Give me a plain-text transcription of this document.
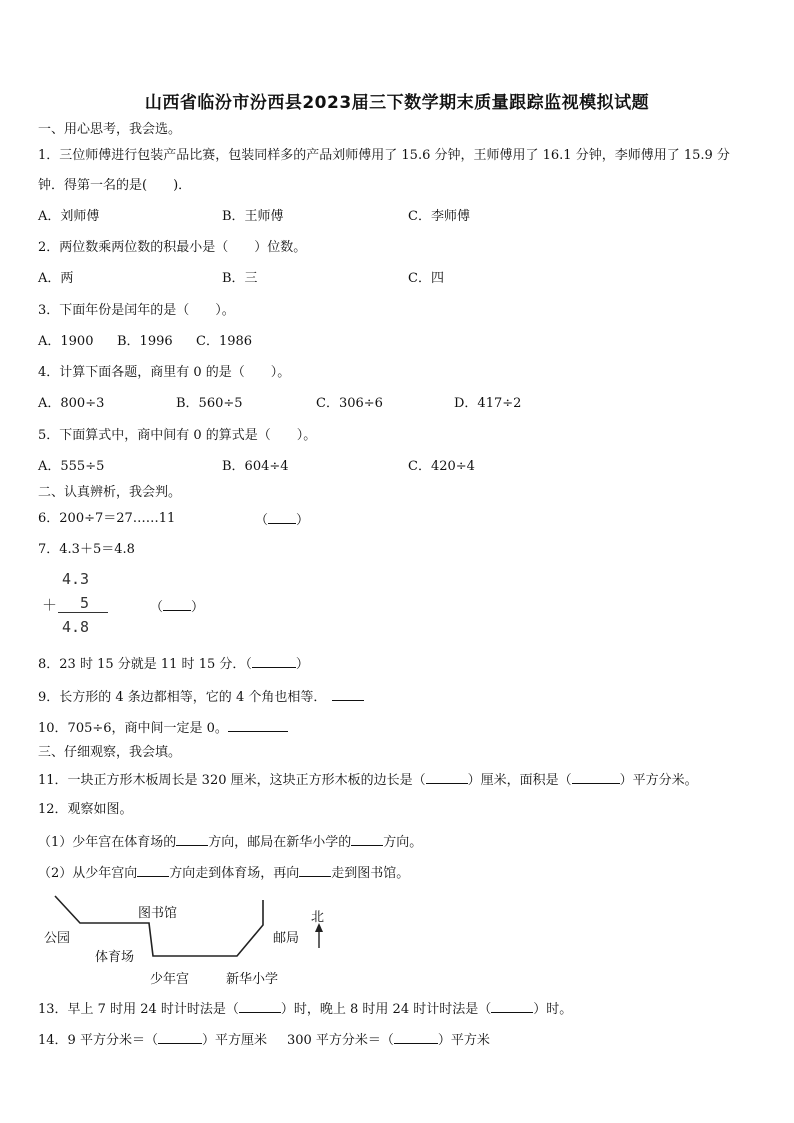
山西省临汾市汾西县2023届三下数学期末质量跟踪监视模拟试题
一、用心思考，我会选。
1．三位师傅进行包装产品比赛，包装同样多的产品刘师傅用了 15.6 分钟，王师傅用了 16.1 分钟，李师傅用了 15.9 分
钟．得第一名的是(　　)．
A．刘师傅	B．王师傅	C．李师傅
2．两位数乘两位数的积最小是（　　）位数。
A．两	B．三	C．四
3．下面年份是闰年的是（　　）。
A．1900 B．1996 C．1986
4．计算下面各题，商里有 0 的是（　　）。
A．800÷3	B．560÷5	C．306÷6	D．417÷2
5．下面算式中，商中间有 0 的算式是（　　）。
A．555÷5	B．604÷4	C．420÷4
二、认真辨析，我会判。
6．200÷7＝27……11	（ ）
7．4.3＋5＝4.8
4.3
＋ 5
4.8
（ ）
8．23 时 15 分就是 11 时 15 分．（	）
9．长方形的 4 条边都相等，它的 4 个角也相等．
10．705÷6，商中间一定是 0。
三、仔细观察，我会填。
11．一块正方形木板周长是 320 厘米，这块正方形木板的边长是（	）厘米，面积是（	）平方分米。
12．观察如图。
（1）少年宫在体育场的 方向，邮局在新华小学的 方向。
（2）从少年宫向 方向走到体育场，再向 走到图书馆。
公园
图书馆
体育场
少年宫	新华小学
邮局
北
13．早上 7 时用 24 时计时法是（	）时，晚上 8 时用 24 时计时法是（	）时。
14．9 平方分米＝（	）平方厘米 300 平方分米＝（	）平方米
